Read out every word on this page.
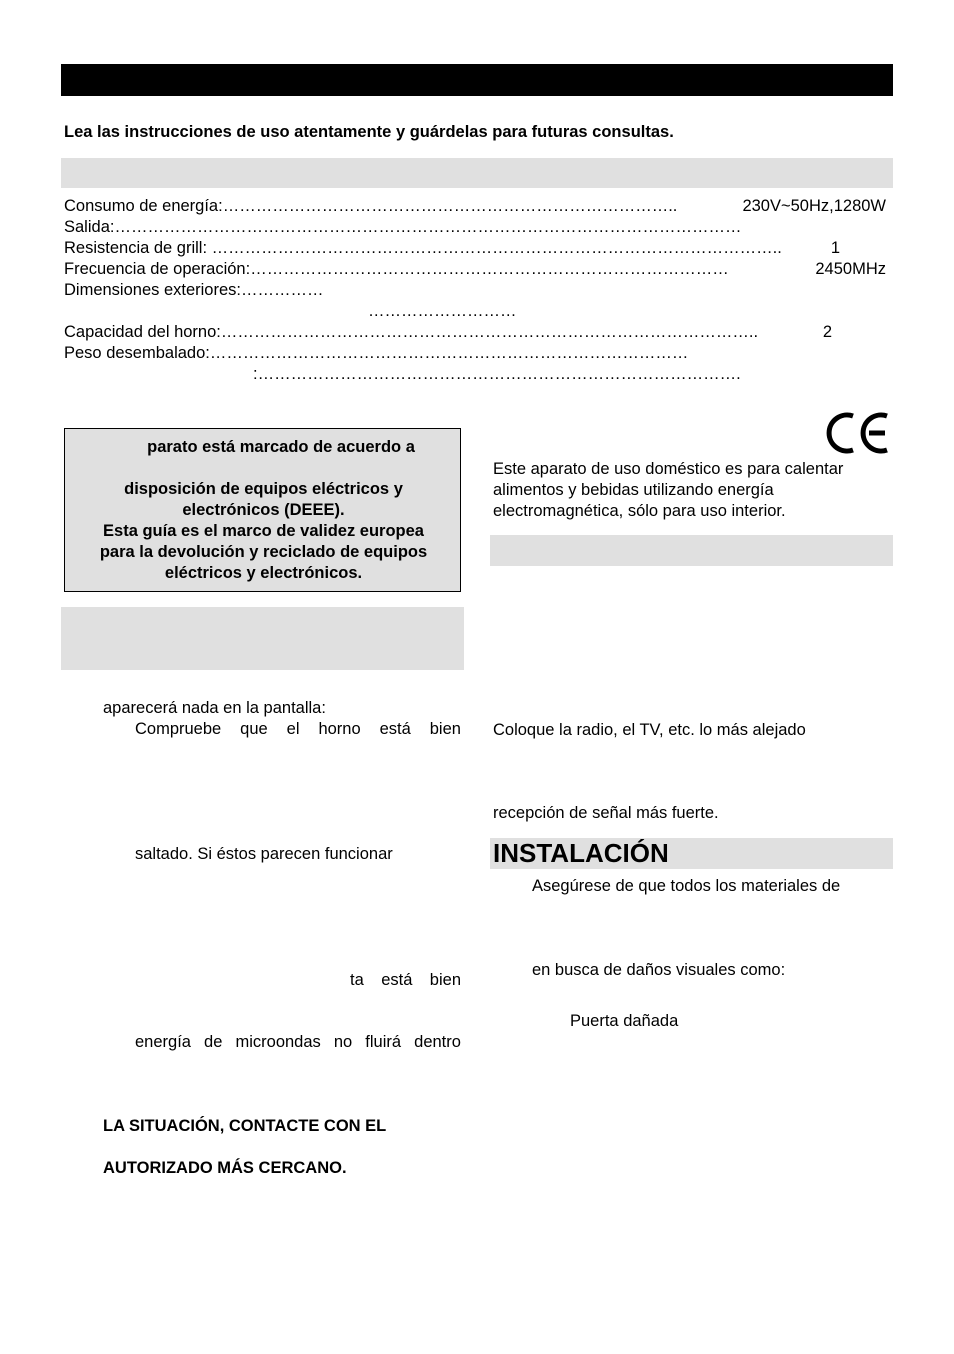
Lea las instrucciones de uso atentamente y guárdelas para futuras consultas.
Consumo de energía:………………………………………………………………………..	230V~50Hz,1280W
Salida:……………………………………………………………………………………………………
Resistencia de grill: …………………………………………………………………………………………..	1
Frecuencia de operación:……………………………………………………………………………	2450MHz
Dimensiones exteriores:……………
………………………
Capacidad del horno:……………………………………………………………………………………..	2
Peso desembalado:……………………………………………………………………………
:…………………………………………………………………………….
parato está marcado de acuerdo a
disposición de equipos eléctricos y
electrónicos (DEEE).
Esta guía es el marco de validez europea
para la devolución y reciclado de equipos
eléctricos y electrónicos.
Este aparato de uso doméstico es para calentar
alimentos y bebidas utilizando energía
electromagnética, sólo para uso interior.
aparecerá nada en la pantalla:
Compruebe que el horno está bien
saltado. Si éstos parecen funcionar
ta está bien
energía de microondas no fluirá dentro
LA SITUACIÓN, CONTACTE CON EL
AUTORIZADO MÁS CERCANO.
Coloque la radio, el TV, etc. lo más alejado
recepción de señal más fuerte.
INSTALACIÓN
Asegúrese de que todos los materiales de
en busca de daños visuales como:
Puerta dañada
